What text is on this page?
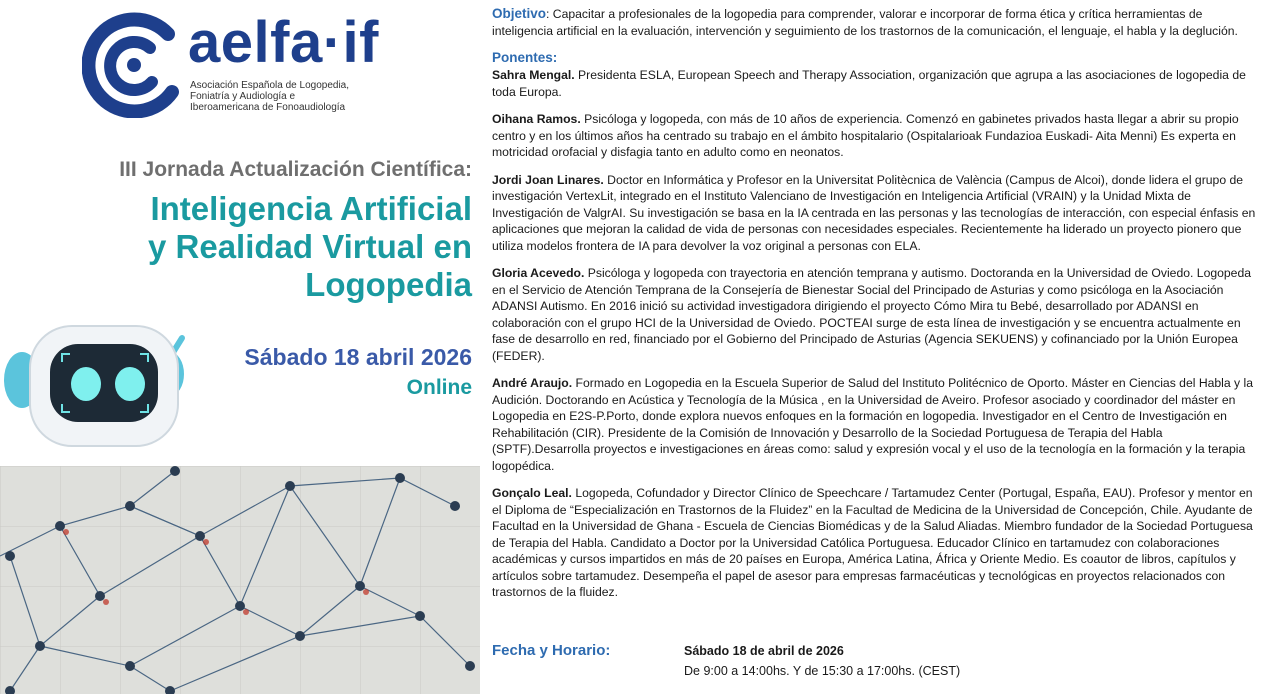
aelfa·if
Asociación Española de Logopedia,
Foniatría y Audiología e
Iberoamericana de Fonoaudiología
III Jornada Actualización Científica:
Inteligencia Artificial
y Realidad Virtual en
Logopedia
Sábado 18 abril 2026
Online
Objetivo: Capacitar a profesionales de la logopedia para comprender, valorar e incorporar de forma ética y crítica herramientas de inteligencia artificial en la evaluación, intervención y seguimiento de los trastornos de la comunicación, el lenguaje, el habla y la deglución.
Ponentes:
Sahra Mengal. Presidenta ESLA, European Speech and Therapy Association, organización que agrupa a las asociaciones de logopedia de toda Europa.
Oihana Ramos. Psicóloga y logopeda, con más de 10 años de experiencia. Comenzó en gabinetes privados hasta llegar a abrir su propio centro y en los últimos años ha centrado su trabajo en el ámbito hospitalario (Ospitalarioak Fundazioa Euskadi- Aita Menni) Es experta en motricidad orofacial y disfagia tanto en adulto como en neonatos.
Jordi Joan Linares. Doctor en Informática y Profesor en la Universitat Politècnica de València (Campus de Alcoi), donde lidera el grupo de investigación VertexLit, integrado en el Instituto Valenciano de Investigación en Inteligencia Artificial (VRAIN) y la Unidad Mixta de Investigación de ValgrAI. Su investigación se basa en la IA centrada en las personas y las tecnologías de interacción, con especial énfasis en aplicaciones que mejoran la calidad de vida de personas con necesidades especiales. Recientemente ha liderado un proyecto pionero que utiliza modelos frontera de IA para devolver la voz original a personas con ELA.
Gloria Acevedo. Psicóloga y logopeda con trayectoria en atención temprana y autismo. Doctoranda en la Universidad de Oviedo. Logopeda en el Servicio de Atención Temprana de la Consejería de Bienestar Social del Principado de Asturias y como psicóloga en la Asociación ADANSI Autismo. En 2016 inició su actividad investigadora dirigiendo el proyecto Cómo Mira tu Bebé, desarrollado por ADANSI en colaboración con el grupo HCI de la Universidad de Oviedo. POCTEAI surge de esta línea de investigación y se encuentra actualmente en fase de desarrollo en red, financiado por el Gobierno del Principado de Asturias (Agencia SEKUENS) y cofinanciado por la Unión Europea (FEDER).
André Araujo. Formado en Logopedia en la Escuela Superior de Salud del Instituto Politécnico de Oporto. Máster en Ciencias del Habla y la Audición. Doctorando en Acústica y Tecnología de la Música , en la Universidad de Aveiro. Profesor asociado y coordinador del máster en Logopedia en E2S-P.Porto, donde explora nuevos enfoques en la formación en logopedia. Investigador en el Centro de Investigación en Rehabilitación (CIR). Presidente de la Comisión de Innovación y Desarrollo de la Sociedad Portuguesa de Terapia del Habla (SPTF).Desarrolla proyectos e investigaciones en áreas como: salud y expresión vocal y el uso de la tecnología en la formación y la terapia logopédica.
Gonçalo Leal. Logopeda, Cofundador y Director Clínico de Speechcare / Tartamudez Center (Portugal, España, EAU). Profesor y mentor en el Diploma de “Especialización en Trastornos de la Fluidez” en la Facultad de Medicina de la Universidad de Concepción, Chile. Ayudante de Facultad en la Universidad de Ghana - Escuela de Ciencias Biomédicas y de la Salud Aliadas. Miembro fundador de la Sociedad Portuguesa de Terapia del Habla. Candidato a Doctor por la Universidad Católica Portuguesa. Educador Clínico en tartamudez con colaboraciones académicas y cursos impartidos en más de 20 países en Europa, América Latina, África y Oriente Medio. Es coautor de libros, capítulos y artículos sobre tartamudez. Desempeña el papel de asesor para empresas farmacéuticas y tecnológicas en proyectos relacionados con trastornos de la fluidez.
Fecha y Horario:	Sábado 18 de abril de 2026
De 9:00 a 14:00hs. Y de 15:30 a 17:00hs. (CEST)
